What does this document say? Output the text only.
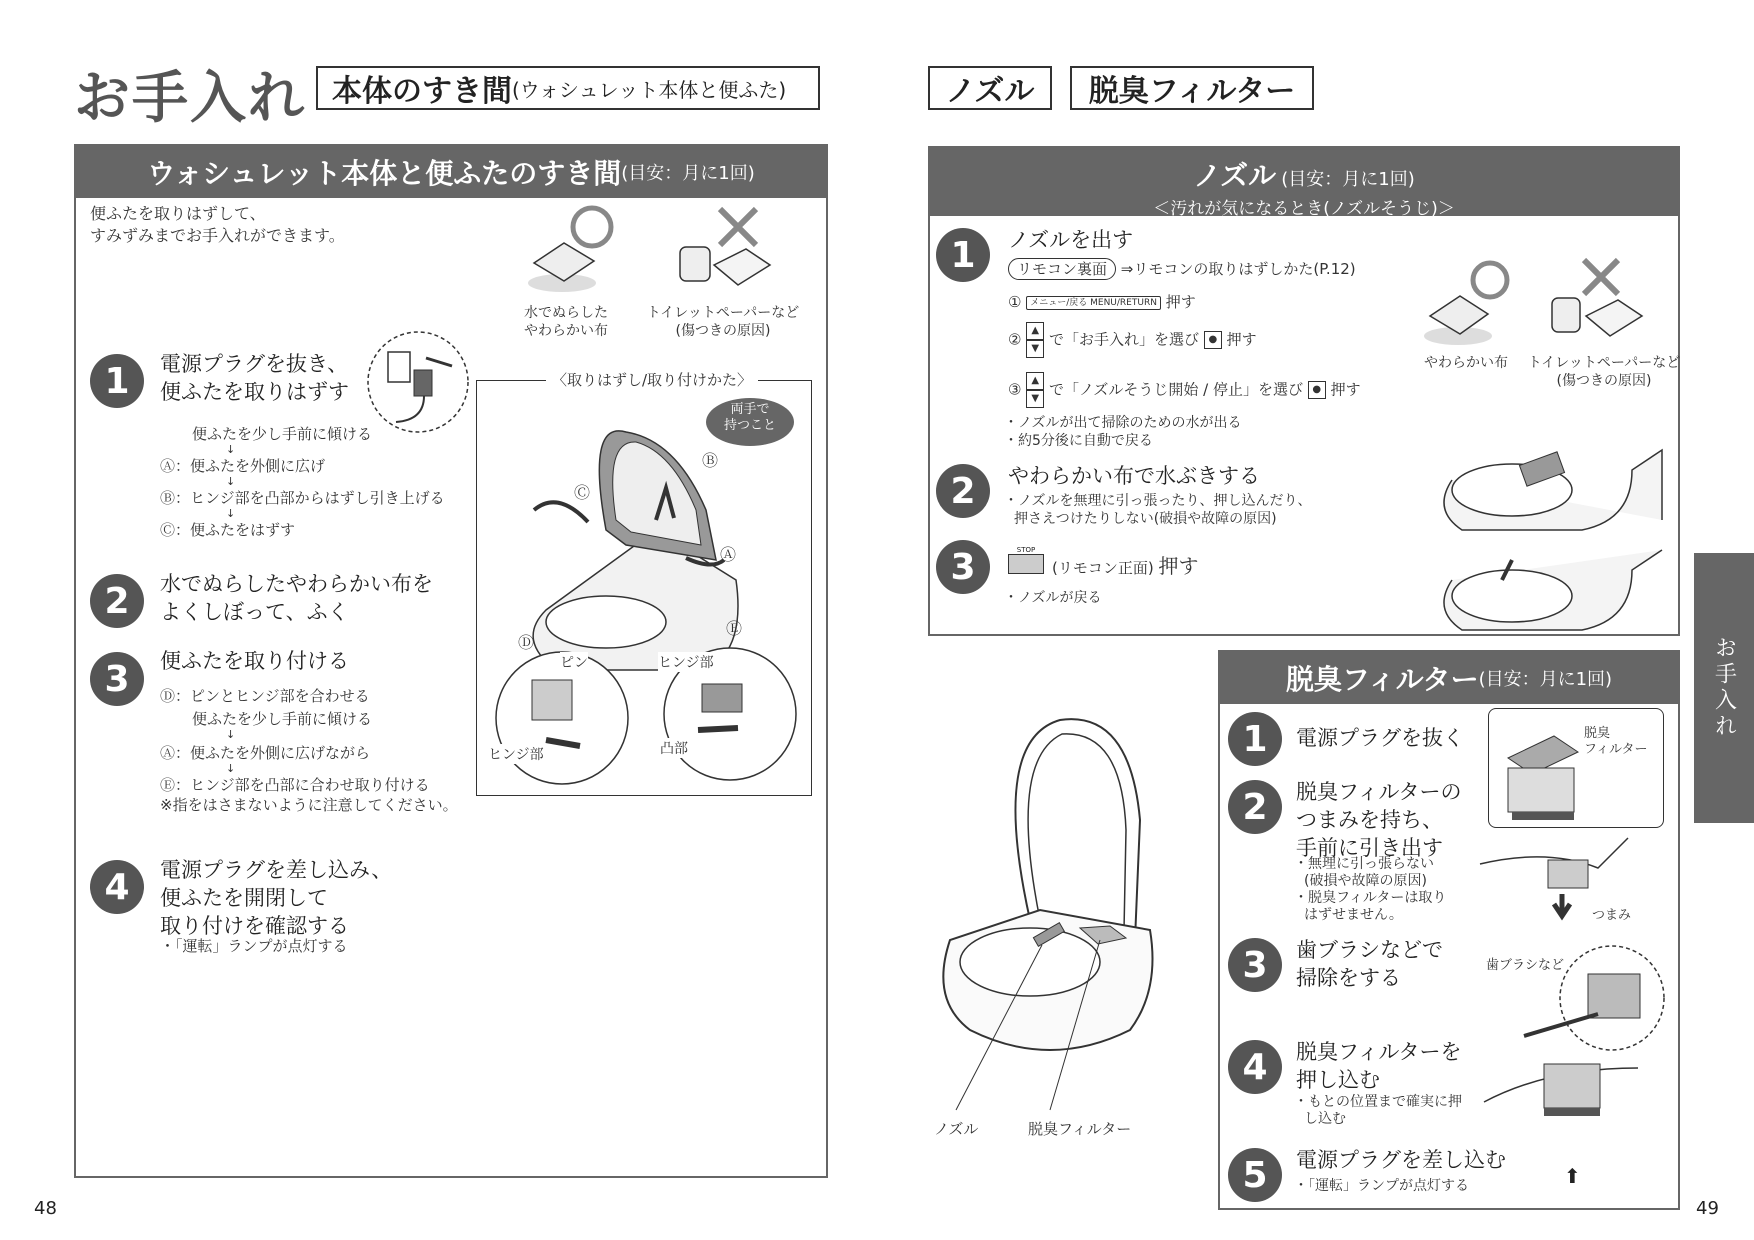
お手入れ 本体のすき間 (ウォシュレット本体と便ふた)	ノズル 脱臭フィルター
ウォシュレット本体と便ふたのすき間 (目安：月に1回)
便ふたを取りはずして、
すみずみまでお手入れができます。
水でぬらした
やわらかい布
トイレットペーパーなど
(傷つきの原因)
1	電源プラグを抜き、
便ふたを取りはずす
便ふたを少し手前に傾ける
↓
Ⓐ：便ふたを外側に広げ
↓
Ⓑ：ヒンジ部を凸部からはずし引き上げる
↓
Ⓒ：便ふたをはずす
2	水でぬらしたやわらかい布を
よくしぼって、ふく
3	便ふたを取り付ける
Ⓓ：ピンとヒンジ部を合わせる
便ふたを少し手前に傾ける
↓
Ⓐ：便ふたを外側に広げながら
↓
Ⓔ：ヒンジ部を凸部に合わせ取り付ける
※指をはさまないように注意してください。
4	電源プラグを差し込み、
便ふたを開閉して
取り付けを確認する
・「運転」ランプが点灯する
〈取りはずし/取り付けかた〉
両手で
持つこと
Ⓑ
Ⓒ
Ⓐ
Ⓓ
Ⓔ
ピン	ヒンジ部
ヒンジ部	凸部
ノズル (目安：月に1回)
＜汚れが気になるとき(ノズルそうじ)＞
1	ノズルを出す
リモコン裏面 ⇒リモコンの取りはずしかた(P.12)
① メニュー/戻る MENU/RETURN 押す
② ▲
▼ で「お手入れ」を選び ● 押す
③ ▲
▼ で「ノズルそうじ開始 / 停止」を選び ● 押す
・ノズルが出て掃除のための水が出る
・約5分後に自動で戻る
2	やわらかい布で水ぶきする
・ノズルを無理に引っ張ったり、押し込んだり、
押さえつけたりしない(破損や故障の原因)
3	STOP
(リモコン正面) 押す
・ノズルが戻る
やわらかい布	トイレットペーパーなど
(傷つきの原因)
ノズル	脱臭フィルター
脱臭フィルター (目安：月に1回)
1	電源プラグを抜く
2	脱臭フィルターの
つまみを持ち、
手前に引き出す
・無理に引っ張らない
(破損や故障の原因)
・脱臭フィルターは取り
はずせません。
3	歯ブラシなどで
掃除をする
4	脱臭フィルターを
押し込む
・もとの位置まで確実に押
し込む
5	電源プラグを差し込む
・「運転」ランプが点灯する
脱臭
フィルター
つまみ
歯ブラシなど
⬆
お手入れ
48	49
